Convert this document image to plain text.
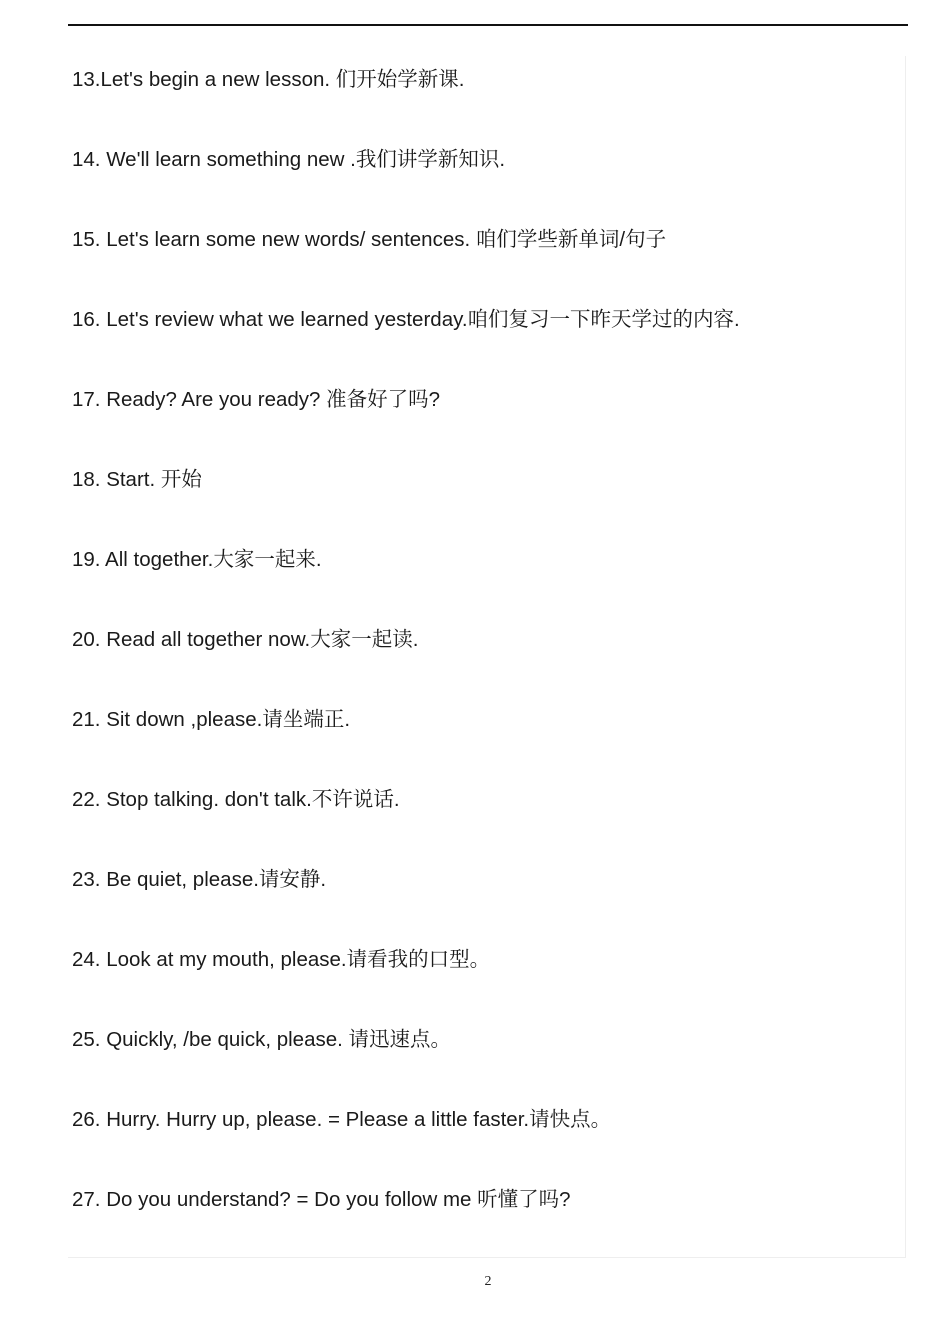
13.Let's begin a new lesson. 们开始学新课.
14. We'll learn something new .我们讲学新知识.
15. Let's learn some new words/ sentences. 咱们学些新单词/句子
16. Let's review what we learned yesterday.咱们复习一下昨天学过的内容.
17. Ready? Are you ready? 准备好了吗?
18. Start. 开始
19. All together.大家一起来.
20. Read all together now.大家一起读.
21. Sit down ,please.请坐端正.
22. Stop talking. don't talk.不许说话.
23. Be quiet, please.请安静.
24. Look at my mouth, please.请看我的口型。
25. Quickly, /be quick, please. 请迅速点。
26. Hurry. Hurry up, please. = Please a little faster.请快点。
27. Do you understand? = Do you follow me 听懂了吗?
2
